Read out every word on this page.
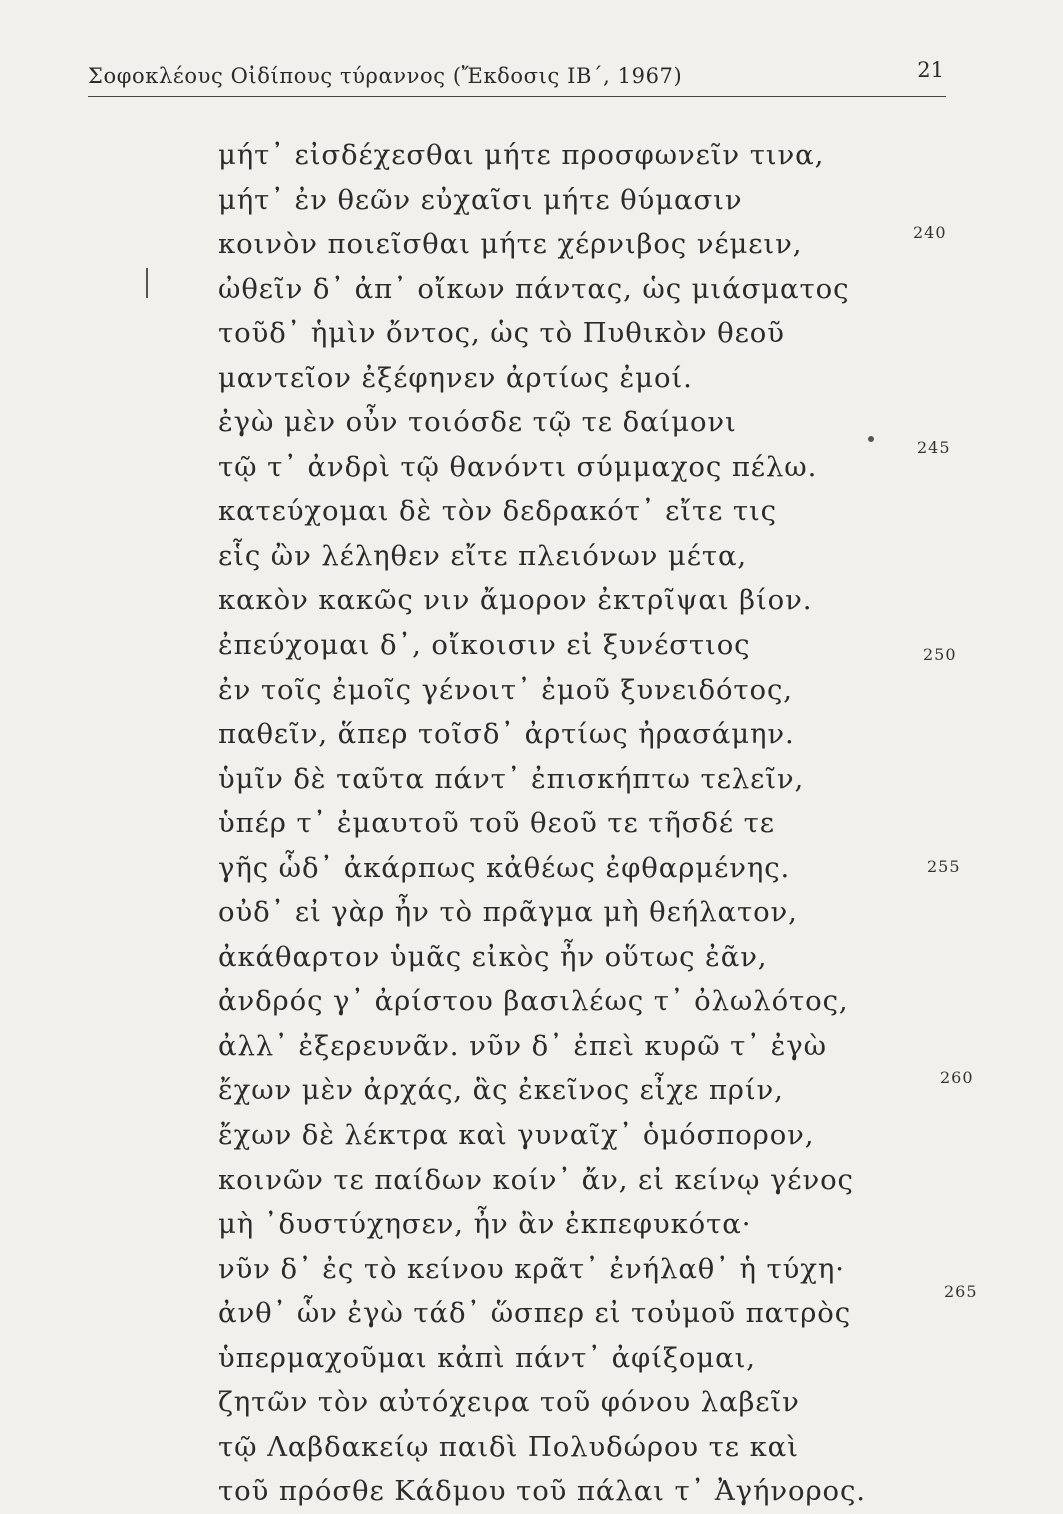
Σοφοκλέους Οἰδίπους τύραννος (Ἔκδοσις ΙΒ΄, 1967)	21
μήτ᾽ εἰσδέχεσθαι μήτε προσφωνεῖν τινα,
μήτ᾽ ἐν θεῶν εὐχαῖσι μήτε θύμασιν
κοινὸν ποιεῖσθαι μήτε χέρνιβος νέμειν,
ὠθεῖν δ᾽ ἀπ᾽ οἴκων πάντας, ὡς μιάσματος
τοῦδ᾽ ἡμὶν ὄντος, ὡς τὸ Πυθικὸν θεοῦ
μαντεῖον ἐξέφηνεν ἀρτίως ἐμοί.
ἐγὼ μὲν οὖν τοιόσδε τῷ τε δαίμονι
τῷ τ᾽ ἀνδρὶ τῷ θανόντι σύμμαχος πέλω.
κατεύχομαι δὲ τὸν δεδρακότ᾽ εἴτε τις
εἷς ὢν λέληθεν εἴτε πλειόνων μέτα,
κακὸν κακῶς νιν ἄμορον ἐκτρῖψαι βίον.
ἐπεύχομαι δ᾽, οἴκοισιν εἰ ξυνέστιος
ἐν τοῖς ἐμοῖς γένοιτ᾽ ἐμοῦ ξυνειδότος,
παθεῖν, ἅπερ τοῖσδ᾽ ἀρτίως ἠρασάμην.
ὑμῖν δὲ ταῦτα πάντ᾽ ἐπισκήπτω τελεῖν,
ὑπέρ τ᾽ ἐμαυτοῦ τοῦ θεοῦ τε τῆσδέ τε
γῆς ὧδ᾽ ἀκάρπως κἀθέως ἐφθαρμένης.
οὐδ᾽ εἰ γὰρ ἦν τὸ πρᾶγμα μὴ θεήλατον,
ἀκάθαρτον ὑμᾶς εἰκὸς ἦν οὕτως ἐᾶν,
ἀνδρός γ᾽ ἀρίστου βασιλέως τ᾽ ὀλωλότος,
ἀλλ᾽ ἐξερευνᾶν. νῦν δ᾽ ἐπεὶ κυρῶ τ᾽ ἐγὼ
ἔχων μὲν ἀρχάς, ἃς ἐκεῖνος εἶχε πρίν,
ἔχων δὲ λέκτρα καὶ γυναῖχ᾽ ὁμόσπορον,
κοινῶν τε παίδων κοίν᾽ ἄν, εἰ κείνῳ γένος
μὴ ᾽δυστύχησεν, ἦν ἂν ἐκπεφυκότα·
νῦν δ᾽ ἐς τὸ κείνου κρᾶτ᾽ ἐνήλαθ᾽ ἡ τύχη·
ἀνθ᾽ ὧν ἐγὼ τάδ᾽ ὥσπερ εἰ τοὐμοῦ πατρὸς
ὑπερμαχοῦμαι κἀπὶ πάντ᾽ ἀφίξομαι,
ζητῶν τὸν αὐτόχειρα τοῦ φόνου λαβεῖν
τῷ Λαβδακείῳ παιδὶ Πολυδώρου τε καὶ
τοῦ πρόσθε Κάδμου τοῦ πάλαι τ᾽ Ἀγήνορος.
240
245
250
255
260
265
